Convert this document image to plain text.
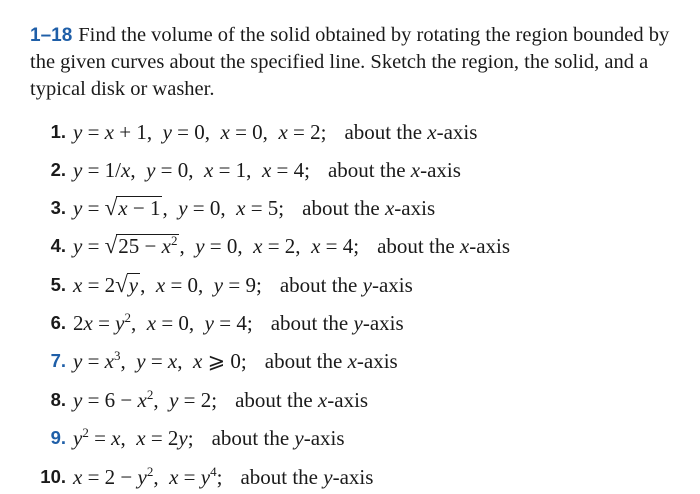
1–18 Find the volume of the solid obtained by rotating the region bounded by the given curves about the specified line. Sketch the region, the solid, and a typical disk or washer.

1. y = x + 1,  y = 0,  x = 0,  x = 2; about the x-axis
2. y = 1/x,  y = 0,  x = 1,  x = 4; about the x-axis
3. y = √x − 1,  y = 0,  x = 5; about the x-axis
4. $y = √25 - x^2$,  y = 0,  x = 2,  x = 4; about the x-axis
5. x = 2√y,  x = 0,  y = 9; about the y-axis
6. $2x = y^2$,  x = 0,  y = 4; about the y-axis
7. $y = x^3$,  y = x,  x ⩾ 0; about the x-axis
8. $y = 6 - x^2$,  y = 2; about the x-axis
9. $y^2 = x$,  x = 2y; about the y-axis
10. $x = 2 - y^2$,  $x = y^4$; about the y-axis
